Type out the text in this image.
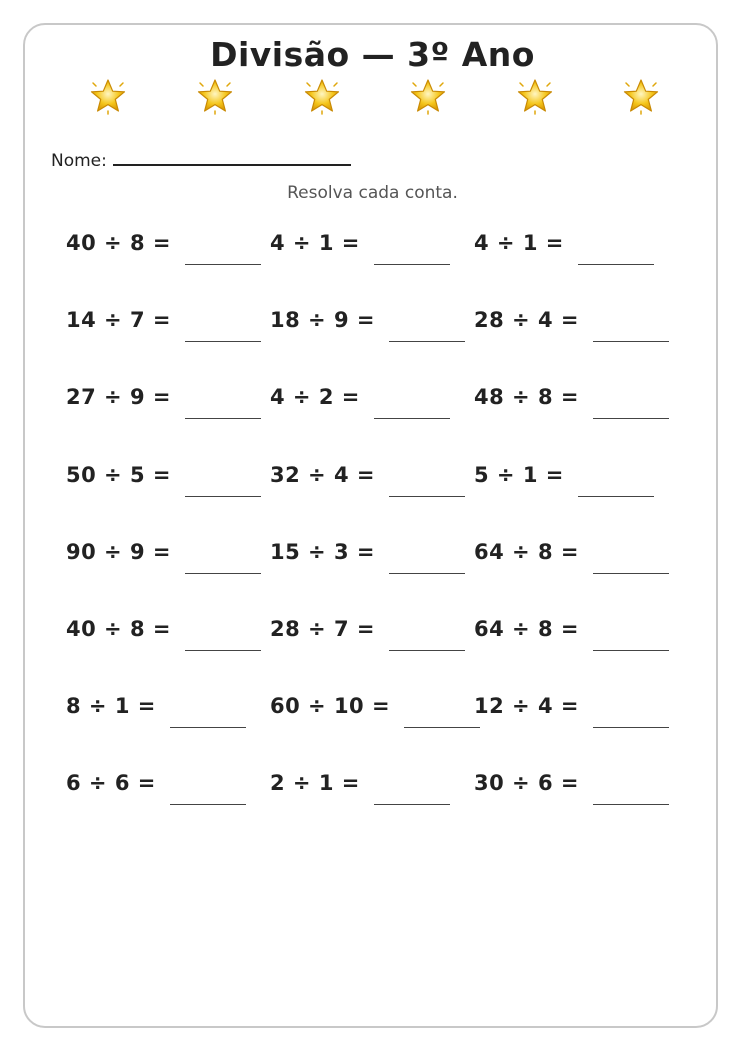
Divisão — 3º Ano
Nome:
Resolva cada conta.
40 ÷ 8 =	4 ÷ 1 =	4 ÷ 1 =
14 ÷ 7 =	18 ÷ 9 =	28 ÷ 4 =
27 ÷ 9 =	4 ÷ 2 =	48 ÷ 8 =
50 ÷ 5 =	32 ÷ 4 =	5 ÷ 1 =
90 ÷ 9 =	15 ÷ 3 =	64 ÷ 8 =
40 ÷ 8 =	28 ÷ 7 =	64 ÷ 8 =
8 ÷ 1 =	60 ÷ 10 =	12 ÷ 4 =
6 ÷ 6 =	2 ÷ 1 =	30 ÷ 6 =
